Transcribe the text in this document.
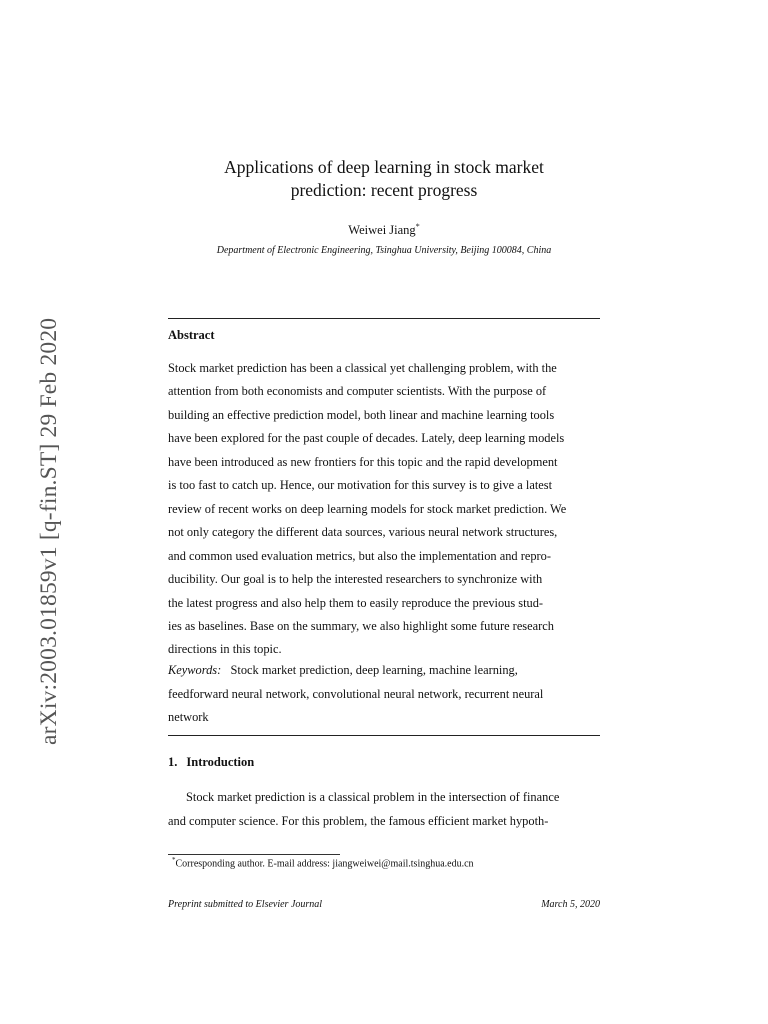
arXiv:2003.01859v1 [q-fin.ST] 29 Feb 2020
Applications of deep learning in stock market
prediction: recent progress
Weiwei Jiang*
Department of Electronic Engineering, Tsinghua University, Beijing 100084, China
Abstract
Stock market prediction has been a classical yet challenging problem, with the
attention from both economists and computer scientists. With the purpose of
building an effective prediction model, both linear and machine learning tools
have been explored for the past couple of decades. Lately, deep learning models
have been introduced as new frontiers for this topic and the rapid development
is too fast to catch up. Hence, our motivation for this survey is to give a latest
review of recent works on deep learning models for stock market prediction. We
not only category the different data sources, various neural network structures,
and common used evaluation metrics, but also the implementation and repro-
ducibility. Our goal is to help the interested researchers to synchronize with
the latest progress and also help them to easily reproduce the previous stud-
ies as baselines. Base on the summary, we also highlight some future research
directions in this topic.
Keywords: Stock market prediction, deep learning, machine learning,
feedforward neural network, convolutional neural network, recurrent neural
network
1. Introduction
Stock market prediction is a classical problem in the intersection of finance
and computer science. For this problem, the famous efficient market hypoth-
*Corresponding author. E-mail address: jiangweiwei@mail.tsinghua.edu.cn
Preprint submitted to Elsevier Journal	March 5, 2020
